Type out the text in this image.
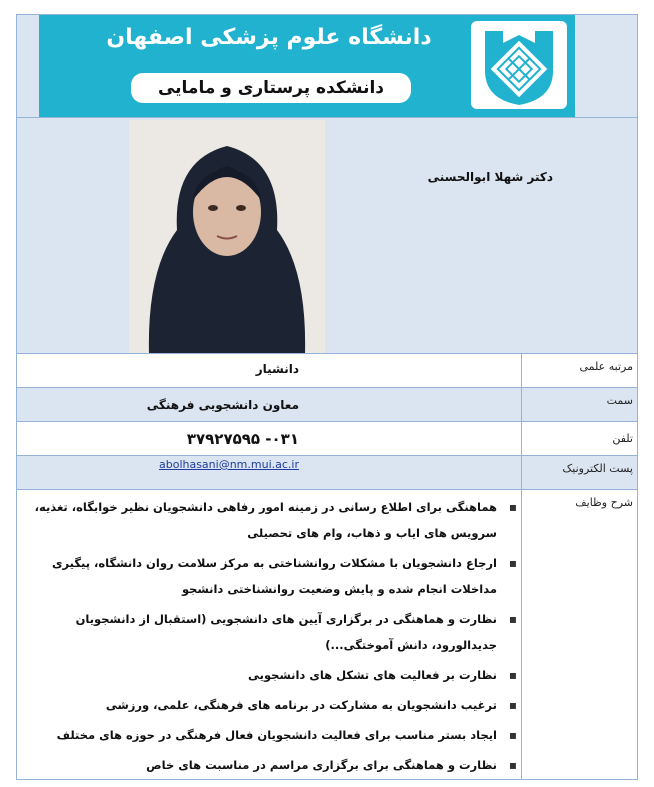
دانشگاه علوم پزشکی اصفهان
دانشکده پرستاری و مامایی
دکتر شهلا ابوالحسنی
مرتبه علمی
دانشیار
سمت
معاون دانشجویی فرهنگی
تلفن
۰۳۱- ۳۷۹۲۷۵۹۵
پست الکترونیک
abolhasani@nm.mui.ac.ir
شرح وظایف
▪ هماهنگی برای اطلاع رسانی در زمینه امور رفاهی دانشجویان نظیر خوابگاه، تغذیه، سرویس های ایاب و ذهاب، وام های تحصیلی
▪ ارجاع دانشجویان با مشکلات روانشناختی به مرکز سلامت روان دانشگاه، پیگیری مداخلات انجام شده و پایش وضعیت روانشناختی دانشجو
▪ نظارت و هماهنگی در برگزاری آیین های دانشجویی (استقبال از دانشجویان جدیدالورود، دانش آموختگی...)
▪ نظارت بر فعالیت های تشکل های دانشجویی
▪ ترغیب دانشجویان به مشارکت در برنامه های فرهنگی، علمی، ورزشی
▪ ایجاد بستر مناسب برای فعالیت دانشجویان فعال فرهنگی در حوزه های مختلف
▪ نظارت و هماهنگی برای برگزاری مراسم در مناسبت های خاص
